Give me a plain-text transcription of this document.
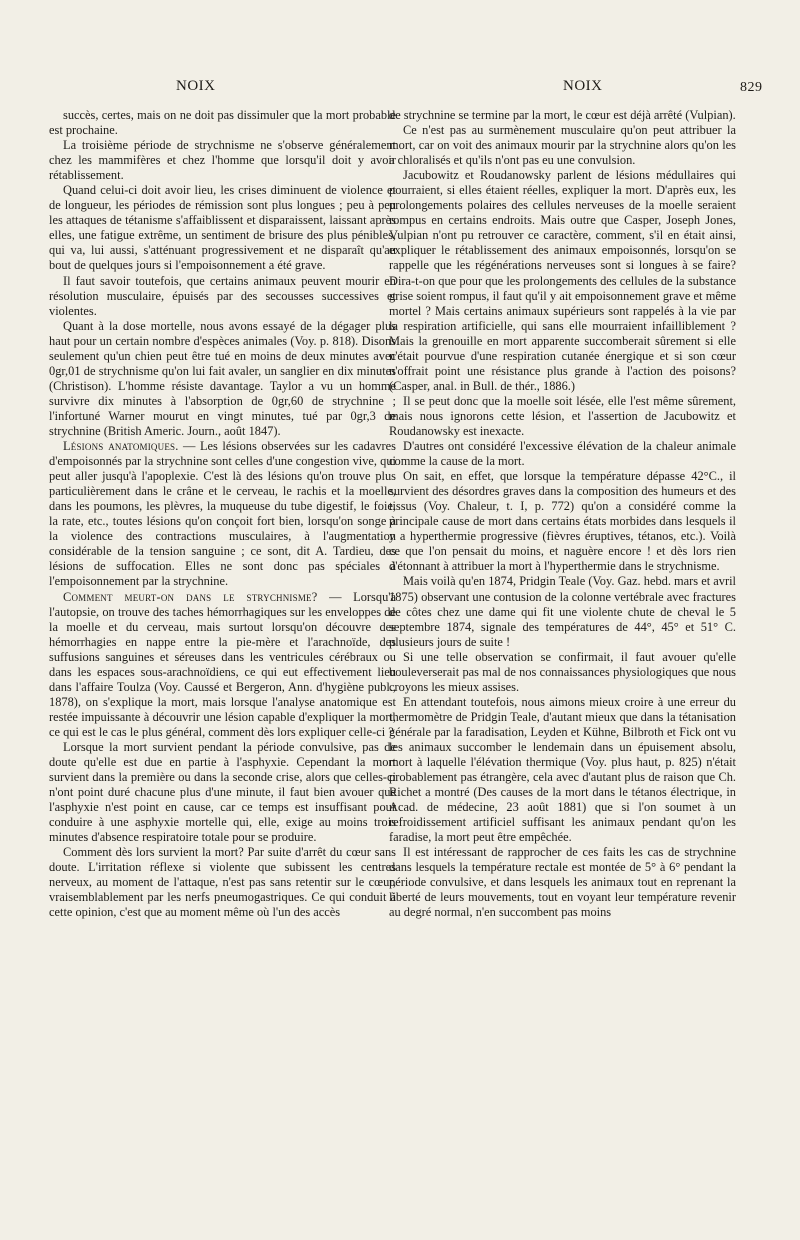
NOIX	NOIX	829

succès, certes, mais on ne doit pas dissimuler que la mort probable est prochaine.

La troisième période de strychnisme ne s'observe généralement chez les mammifères et chez l'homme que lorsqu'il doit y avoir rétablissement.

Quand celui-ci doit avoir lieu, les crises diminuent de violence et de longueur, les périodes de rémission sont plus longues ; peu à peu les attaques de tétanisme s'affaiblissent et disparaissent, laissant après elles, une fatigue extrême, un sentiment de brisure des plus pénibles, qui va, lui aussi, s'atténuant progressivement et ne disparaît qu'au bout de quelques jours si l'empoisonnement a été grave.

Il faut savoir toutefois, que certains animaux peuvent mourir en résolution musculaire, épuisés par des secousses successives et violentes.

Quant à la dose mortelle, nous avons essayé de la dégager plus haut pour un certain nombre d'espèces animales (Voy. p. 818). Disons seulement qu'un chien peut être tué en moins de deux minutes avec 0gr,01 de strychnisme qu'on lui fait avaler, un sanglier en dix minutes (Christison). L'homme résiste davantage. Taylor a vu un homme survivre dix minutes à l'absorption de 0gr,60 de strychnine ; l'infortuné Warner mourut en vingt minutes, tué par 0gr,3 de strychnine (British Americ. Journ., août 1847).

Lésions anatomiques. — Les lésions observées sur les cadavres d'empoisonnés par la strychnine sont celles d'une congestion vive, qui peut aller jusqu'à l'apoplexie. C'est là des lésions qu'on trouve plus particulièrement dans le crâne et le cerveau, le rachis et la moelle, dans les poumons, les plèvres, la muqueuse du tube digestif, le foie, la rate, etc., toutes lésions qu'on conçoit fort bien, lorsqu'on songe à la violence des contractions musculaires, à l'augmentation considérable de la tension sanguine ; ce sont, dit A. Tardieu, des lésions de suffocation. Elles ne sont donc pas spéciales à l'empoisonnement par la strychnine.

Comment meurt-on dans le strychnisme? — Lorsqu'à l'autopsie, on trouve des taches hémorrhagiques sur les enveloppes de la moelle et du cerveau, mais surtout lorsqu'on découvre des hémorrhagies en nappe entre la pie-mère et l'arachnoïde, des suffusions sanguines et séreuses dans les ventricules cérébraux ou dans les espaces sous-arachnoïdiens, ce qui eut effectivement lieu dans l'affaire Toulza (Voy. Caussé et Bergeron, Ann. d'hygiène publ., 1878), on s'explique la mort, mais lorsque l'analyse anatomique est restée impuissante à découvrir une lésion capable d'expliquer la mort, ce qui est le cas le plus général, comment dès lors expliquer celle-ci ?

Lorsque la mort survient pendant la période convulsive, pas de doute qu'elle est due en partie à l'asphyxie. Cependant la mort survient dans la première ou dans la seconde crise, alors que celles-ci n'ont point duré chacune plus d'une minute, il faut bien avouer que l'asphyxie n'est point en cause, car ce temps est insuffisant pour conduire à une asphyxie mortelle qui, elle, exige au moins trois minutes d'absence respiratoire totale pour se produire.

Comment dès lors survient la mort? Par suite d'arrêt du cœur sans doute. L'irritation réflexe si violente que subissent les centres nerveux, au moment de l'attaque, n'est pas sans retentir sur le cœur, vraisemblablement par les nerfs pneumogastriques. Ce qui conduit à cette opinion, c'est que au moment même où l'un des accès

de strychnine se termine par la mort, le cœur est déjà arrêté (Vulpian).

Ce n'est pas au surmènement musculaire qu'on peut attribuer la mort, car on voit des animaux mourir par la strychnine alors qu'on les a chloralisés et qu'ils n'ont pas eu une convulsion.

Jacubowitz et Roudanowsky parlent de lésions médullaires qui pourraient, si elles étaient réelles, expliquer la mort. D'après eux, les prolongements polaires des cellules nerveuses de la moelle seraient rompus en certains endroits. Mais outre que Casper, Joseph Jones, Vulpian n'ont pu retrouver ce caractère, comment, s'il en était ainsi, expliquer le rétablissement des animaux empoisonnés, lorsqu'on se rappelle que les régénérations nerveuses sont si longues à se faire? Dira-t-on que pour que les prolongements des cellules de la substance grise soient rompus, il faut qu'il y ait empoisonnement grave et même mortel ? Mais certains animaux supérieurs sont rappelés à la vie par la respiration artificielle, qui sans elle mourraient infailliblement ? Mais la grenouille en mort apparente succomberait sûrement si elle n'était pourvue d'une respiration cutanée énergique et si son cœur n'offrait point une résistance plus grande à l'action des poisons? (Casper, anal. in Bull. de thér., 1886.)

Il se peut donc que la moelle soit lésée, elle l'est même sûrement, mais nous ignorons cette lésion, et l'assertion de Jacubowitz et Roudanowsky est inexacte.

D'autres ont considéré l'excessive élévation de la chaleur animale comme la cause de la mort.

On sait, en effet, que lorsque la température dépasse 42°C., il survient des désordres graves dans la composition des humeurs et des tissus (Voy. Chaleur, t. I, p. 772) qu'on a considéré comme la principale cause de mort dans certains états morbides dans lesquels il y a hyperthermie progressive (fièvres éruptives, tétanos, etc.). Voilà ce que l'on pensait du moins, et naguère encore ! et dès lors rien d'étonnant à attribuer la mort à l'hyperthermie dans le strychnisme.

Mais voilà qu'en 1874, Pridgin Teale (Voy. Gaz. hebd. mars et avril 1875) observant une contusion de la colonne vertébrale avec fractures de côtes chez une dame qui fit une violente chute de cheval le 5 septembre 1874, signale des températures de 44°, 45° et 51° C. plusieurs jours de suite !

Si une telle observation se confirmait, il faut avouer qu'elle bouleverserait pas mal de nos connaissances physiologiques que nous croyons les mieux assises.

En attendant toutefois, nous aimons mieux croire à une erreur du thermomètre de Pridgin Teale, d'autant mieux que dans la tétanisation générale par la faradisation, Leyden et Kühne, Bilbroth et Fick ont vu les animaux succomber le lendemain dans un épuisement absolu, mort à laquelle l'élévation thermique (Voy. plus haut, p. 825) n'était probablement pas étrangère, cela avec d'autant plus de raison que Ch. Richet a montré (Des causes de la mort dans le tétanos électrique, in Acad. de médecine, 23 août 1881) que si l'on soumet à un refroidissement artificiel suffisant les animaux pendant qu'on les faradise, la mort peut être empêchée.

Il est intéressant de rapprocher de ces faits les cas de strychnine dans lesquels la température rectale est montée de 5° à 6° pendant la période convulsive, et dans lesquels les animaux tout en reprenant la liberté de leurs mouvements, tout en voyant leur température revenir au degré normal, n'en succombent pas moins
